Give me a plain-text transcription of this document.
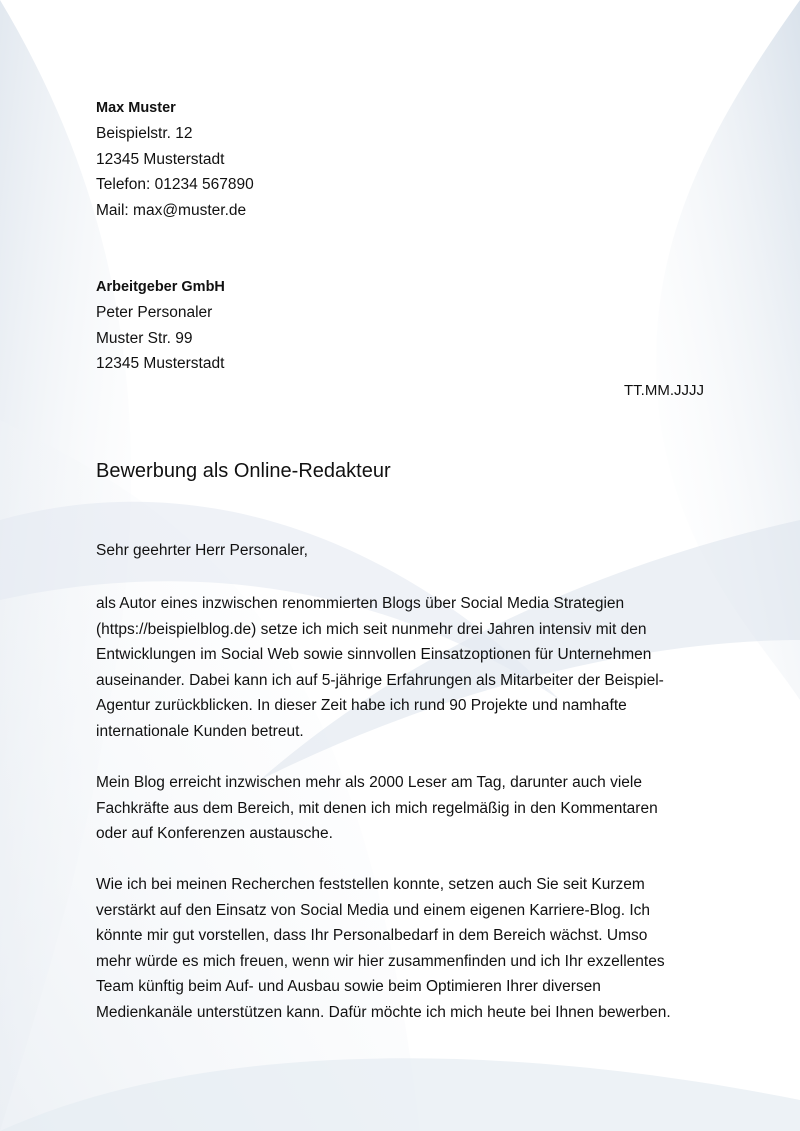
Max Muster
Beispielstr. 12
12345 Musterstadt
Telefon: 01234 567890
Mail: max@muster.de
Arbeitgeber GmbH
Peter Personaler
Muster Str. 99
12345 Musterstadt
TT.MM.JJJJ
Bewerbung als Online-Redakteur
Sehr geehrter Herr Personaler,
als Autor eines inzwischen renommierten Blogs über Social Media Strategien
(https://beispielblog.de) setze ich mich seit nunmehr drei Jahren intensiv mit den
Entwicklungen im Social Web sowie sinnvollen Einsatzoptionen für Unternehmen
auseinander. Dabei kann ich auf 5-jährige Erfahrungen als Mitarbeiter der Beispiel-
Agentur zurückblicken. In dieser Zeit habe ich rund 90 Projekte und namhafte
internationale Kunden betreut.
Mein Blog erreicht inzwischen mehr als 2000 Leser am Tag, darunter auch viele
Fachkräfte aus dem Bereich, mit denen ich mich regelmäßig in den Kommentaren
oder auf Konferenzen austausche.
Wie ich bei meinen Recherchen feststellen konnte, setzen auch Sie seit Kurzem
verstärkt auf den Einsatz von Social Media und einem eigenen Karriere-Blog. Ich
könnte mir gut vorstellen, dass Ihr Personalbedarf in dem Bereich wächst. Umso
mehr würde es mich freuen, wenn wir hier zusammenfinden und ich Ihr exzellentes
Team künftig beim Auf- und Ausbau sowie beim Optimieren Ihrer diversen
Medienkanäle unterstützen kann. Dafür möchte ich mich heute bei Ihnen bewerben.
